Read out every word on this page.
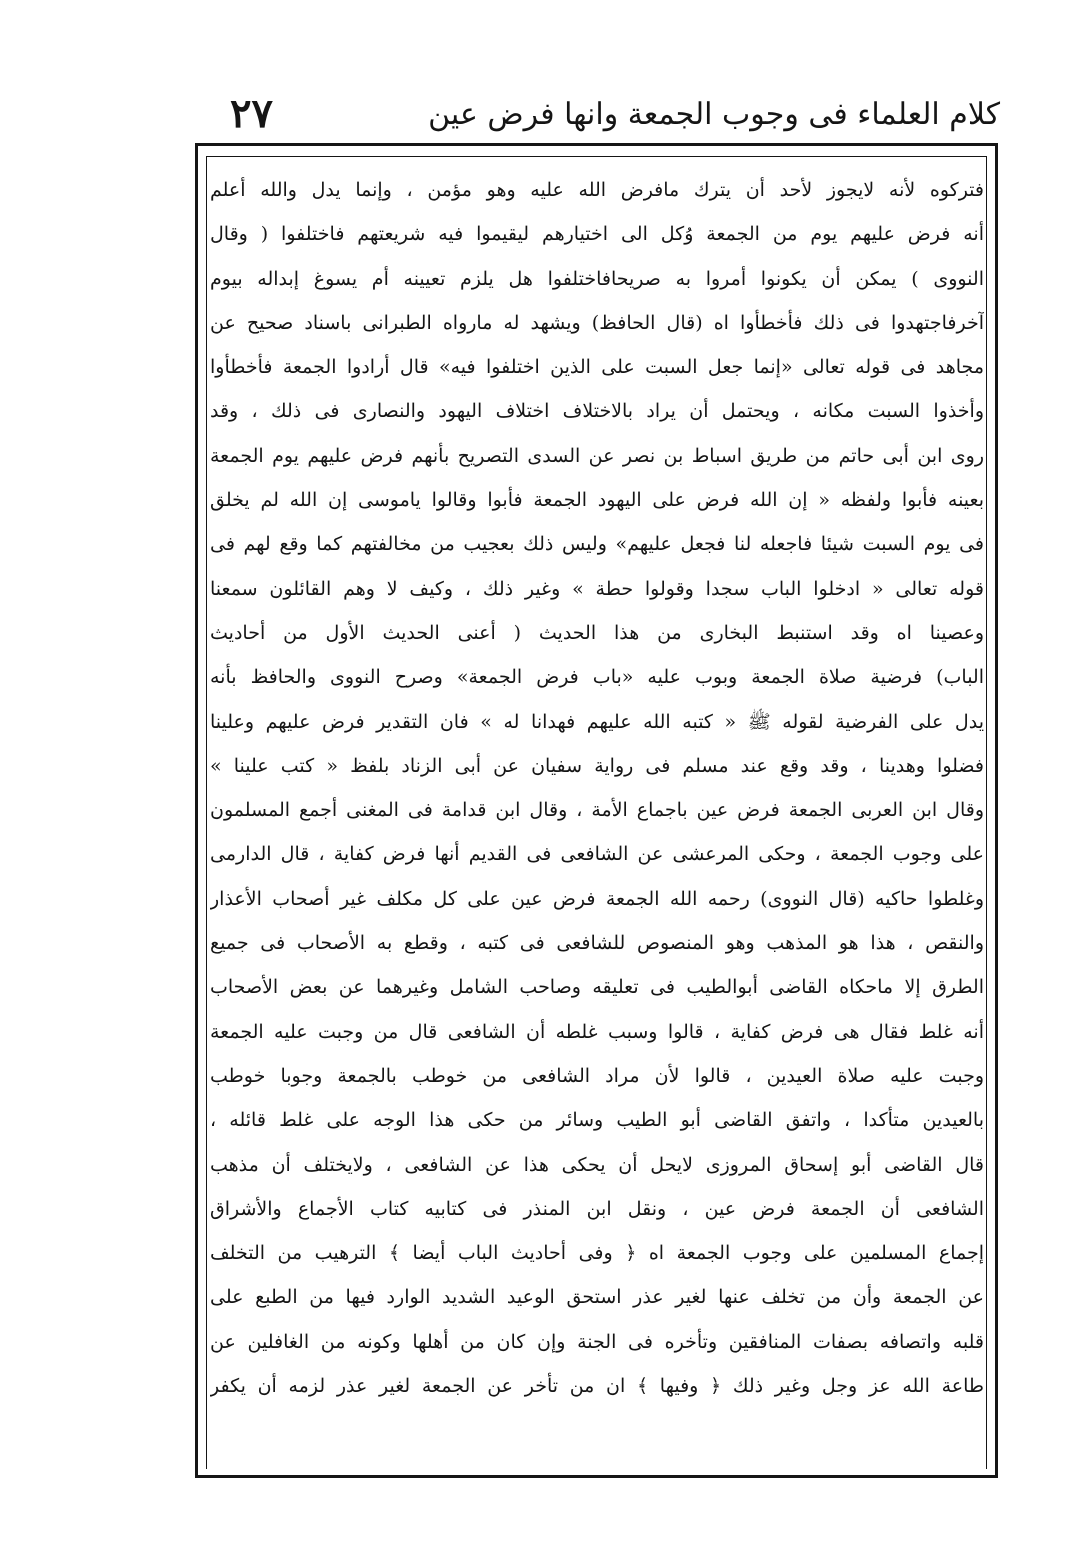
٢٧	كلام العلماء فى وجوب الجمعة وانها فرض عين
فتركوه لأنه لايجوز لأحد أن يترك مافرض الله عليه وهو مؤمن ، وإنما يدل والله أعلم
أنه فرض عليهم يوم من الجمعة وُكل الى اختيارهم ليقيموا فيه شريعتهم فاختلفوا ( وقال
النووى ) يمكن أن يكونوا أمروا به صريحافاختلفوا هل يلزم تعيينه أم يسوغ إبداله بيوم
آخرفاجتهدوا فى ذلك فأخطأوا اه (قال الحافظ) ويشهد له مارواه الطبرانى باسناد صحيح عن
مجاهد فى قوله تعالى «إنما جعل السبت على الذين اختلفوا فيه» قال أرادوا الجمعة فأخطأوا
وأخذوا السبت مكانه ، ويحتمل أن يراد بالاختلاف اختلاف اليهود والنصارى فى ذلك ، وقد
روى ابن أبى حاتم من طريق اسباط بن نصر عن السدى التصريح بأنهم فرض عليهم يوم الجمعة
بعينه فأبوا ولفظه « إن الله فرض على اليهود الجمعة فأبوا وقالوا ياموسى إن الله لم يخلق
فى يوم السبت شيئا فاجعله لنا فجعل عليهم» وليس ذلك بعجيب من مخالفتهم كما وقع لهم فى
قوله تعالى « ادخلوا الباب سجدا وقولوا حطة » وغير ذلك ، وكيف لا وهم القائلون سمعنا
وعصينا اه وقد استنبط البخارى من هذا الحديث ( أعنى الحديث الأول من أحاديث
الباب) فرضية صلاة الجمعة وبوب عليه «باب فرض الجمعة» وصرح النووى والحافظ بأنه
يدل على الفرضية لقوله ﷺ « كتبه الله عليهم فهدانا له » فان التقدير فرض عليهم وعلينا
فضلوا وهدينا ، وقد وقع عند مسلم فى رواية سفيان عن أبى الزناد بلفظ « كتب علينا »
وقال ابن العربى الجمعة فرض عين باجماع الأمة ، وقال ابن قدامة فى المغنى أجمع المسلمون
على وجوب الجمعة ، وحكى المرعشى عن الشافعى فى القديم أنها فرض كفاية ، قال الدارمى
وغلطوا حاكيه (قال النووى) رحمه الله الجمعة فرض عين على كل مكلف غير أصحاب الأعذار
والنقص ، هذا هو المذهب وهو المنصوص للشافعى فى كتبه ، وقطع به الأصحاب فى جميع
الطرق إلا ماحكاه القاضى أبوالطيب فى تعليقه وصاحب الشامل وغيرهما عن بعض الأصحاب
أنه غلط فقال هى فرض كفاية ، قالوا وسبب غلطه أن الشافعى قال من وجبت عليه الجمعة
وجبت عليه صلاة العيدين ، قالوا لأن مراد الشافعى من خوطب بالجمعة وجوبا خوطب
بالعيدين متأكدا ، واتفق القاضى أبو الطيب وسائر من حكى هذا الوجه على غلط قائله ،
قال القاضى أبو إسحاق المروزى لايحل أن يحكى هذا عن الشافعى ، ولايختلف أن مذهب
الشافعى أن الجمعة فرض عين ، ونقل ابن المنذر فى كتابيه كتاب الأجماع والأشراق
إجماع المسلمين على وجوب الجمعة اه ﴿ وفى أحاديث الباب أيضا ﴾ الترهيب من التخلف
عن الجمعة وأن من تخلف عنها لغير عذر استحق الوعيد الشديد الوارد فيها من الطبع على
قلبه واتصافه بصفات المنافقين وتأخره فى الجنة وإن كان من أهلها وكونه من الغافلين عن
طاعة الله عز وجل وغير ذلك ﴿ وفيها ﴾ ان من تأخر عن الجمعة لغير عذر لزمه أن يكفر
